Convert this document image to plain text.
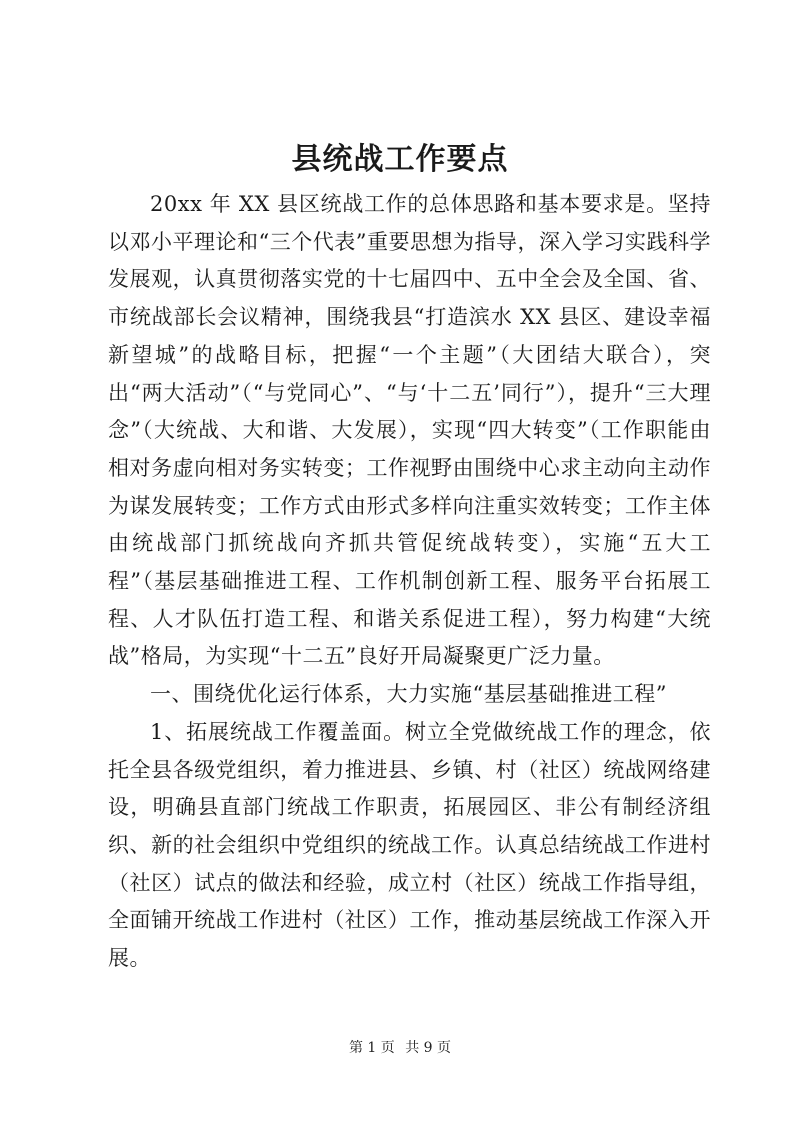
县统战工作要点

20xx 年 XX 县区统战工作的总体思路和基本要求是。坚持以邓小平理论和“三个代表”重要思想为指导，深入学习实践科学发展观，认真贯彻落实党的十七届四中、五中全会及全国、省、市统战部长会议精神，围绕我县“打造滨水 XX 县区、建设幸福新望城”的战略目标，把握“一个主题”（大团结大联合），突出“两大活动”（“与党同心”、“与‘十二五’同行”），提升“三大理念”（大统战、大和谐、大发展），实现“四大转变”（工作职能由相对务虚向相对务实转变；工作视野由围绕中心求主动向主动作为谋发展转变；工作方式由形式多样向注重实效转变；工作主体由统战部门抓统战向齐抓共管促统战转变），实施“五大工程”（基层基础推进工程、工作机制创新工程、服务平台拓展工程、人才队伍打造工程、和谐关系促进工程），努力构建“大统战”格局，为实现“十二五”良好开局凝聚更广泛力量。

一、围绕优化运行体系，大力实施“基层基础推进工程”

1、拓展统战工作覆盖面。树立全党做统战工作的理念，依托全县各级党组织，着力推进县、乡镇、村（社区）统战网络建设，明确县直部门统战工作职责，拓展园区、非公有制经济组织、新的社会组织中党组织的统战工作。认真总结统战工作进村（社区）试点的做法和经验，成立村（社区）统战工作指导组，全面铺开统战工作进村（社区）工作，推动基层统战工作深入开展。

第 1 页 共 9 页
